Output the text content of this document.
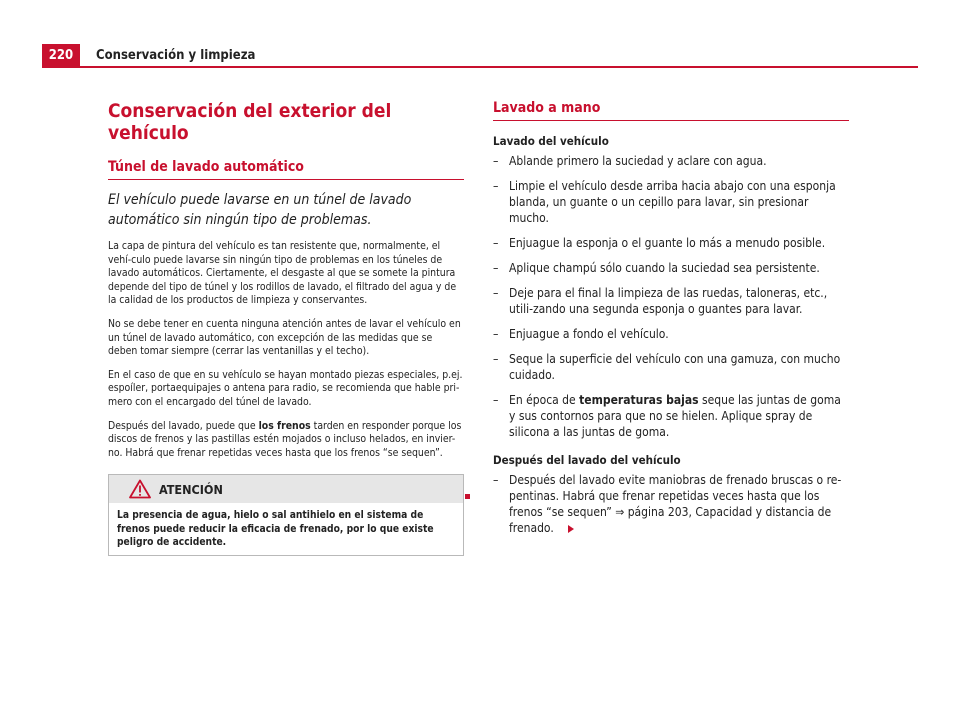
220	Conservación y limpieza
Conservación del exterior del vehículo
Túnel de lavado automático
El vehículo puede lavarse en un túnel de lavado automático sin ningún tipo de problemas.
La capa de pintura del vehículo es tan resistente que, normalmente, el vehí-culo puede lavarse sin ningún tipo de problemas en los túneles de lavado automáticos. Ciertamente, el desgaste al que se somete la pintura depende del tipo de túnel y los rodillos de lavado, el filtrado del agua y de la calidad de los productos de limpieza y conservantes.
No se debe tener en cuenta ninguna atención antes de lavar el vehículo en un túnel de lavado automático, con excepción de las medidas que se deben tomar siempre (cerrar las ventanillas y el techo).
En el caso de que en su vehículo se hayan montado piezas especiales, p.ej. espoíler, portaequipajes o antena para radio, se recomienda que hable pri-mero con el encargado del túnel de lavado.
Después del lavado, puede que los frenos tarden en responder porque los discos de frenos y las pastillas estén mojados o incluso helados, en invier-no. Habrá que frenar repetidas veces hasta que los frenos “se sequen”.
ATENCIÓN
La presencia de agua, hielo o sal antihielo en el sistema de frenos puede reducir la eficacia de frenado, por lo que existe peligro de accidente.
Lavado a mano
Lavado del vehículo
– Ablande primero la suciedad y aclare con agua.
– Limpie el vehículo desde arriba hacia abajo con una esponja blanda, un guante o un cepillo para lavar, sin presionar mucho.
– Enjuague la esponja o el guante lo más a menudo posible.
– Aplique champú sólo cuando la suciedad sea persistente.
– Deje para el final la limpieza de las ruedas, taloneras, etc., utili-zando una segunda esponja o guantes para lavar.
– Enjuague a fondo el vehículo.
– Seque la superficie del vehículo con una gamuza, con mucho cuidado.
– En época de temperaturas bajas seque las juntas de goma y sus contornos para que no se hielen. Aplique spray de silicona a las juntas de goma.
Después del lavado del vehículo
– Después del lavado evite maniobras de frenado bruscas o re-pentinas. Habrá que frenar repetidas veces hasta que los frenos “se sequen” ⇒ página 203, Capacidad y distancia de frenado.
